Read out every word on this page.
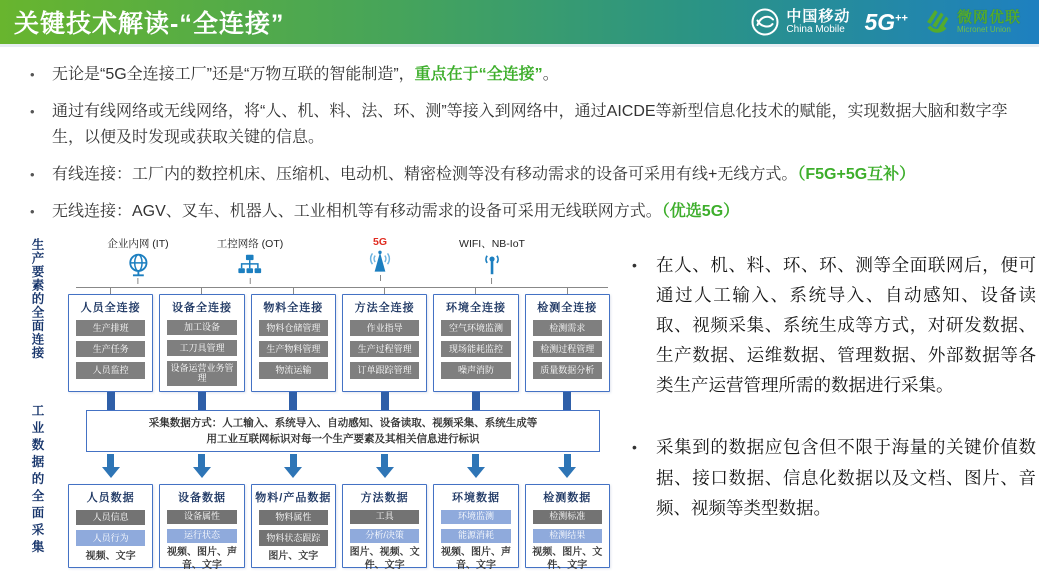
关键技术解读-“全连接”	中国移动
China Mobile 5G++	微网优联
Micronet Union
•	无论是“5G全连接工厂”还是“万物互联的智能制造”，重点在于“全连接”。
•	通过有线网络或无线网络，将“人、机、料、法、环、测”等接入到网络中，通过AICDE等新型信息化技术的赋能，实现数据大脑和数字孪生，以便及时发现或获取关键的信息。
•	有线连接：工厂内的数控机床、压缩机、电动机、精密检测等没有移动需求的设备可采用有线+无线方式。（F5G+5G互补）
•	无线连接：AGV、叉车、机器人、工业相机等有移动需求的设备可采用无线联网方式。（优选5G）
生产要素的全面连接
工业数据的全面采集
企业内网 (IT)	工控网络 (OT)	5G	WIFI、NB-IoT
人员全连接
生产排班
生产任务
人员监控
设备全连接
加工设备
工刀具管理
设备运营业务管理
物料全连接
物料仓储管理
生产物料管理
物流运输
方法全连接
作业指导
生产过程管理
订单跟踪管理
环境全连接
空气环境监测
现场能耗监控
噪声消防
检测全连接
检测需求
检测过程管理
质量数据分析
采集数据方式：人工输入、系统导入、自动感知、设备读取、视频采集、系统生成等
用工业互联网标识对每一个生产要素及其相关信息进行标识
人员数据
人员信息
人员行为
视频、文字
设备数据
设备属性
运行状态
视频、图片、声音、文字
物料/产品数据
物料属性
物料状态跟踪
图片、文字
方法数据
工具
分析/决策
图片、视频、文件、文字
环境数据
环境监测
能源消耗
视频、图片、声音、文字
检测数据
检测标准
检测结果
视频、图片、文件、文字
•	在人、机、料、环、环、测等全面联网后，便可通过人工输入、系统导入、自动感知、设备读取、视频采集、系统生成等方式，对研发数据、生产数据、运维数据、管理数据、外部数据等各类生产运营管理所需的数据进行采集。
•	采集到的数据应包含但不限于海量的关键价值数据、接口数据、信息化数据以及文档、图片、音频、视频等类型数据。
